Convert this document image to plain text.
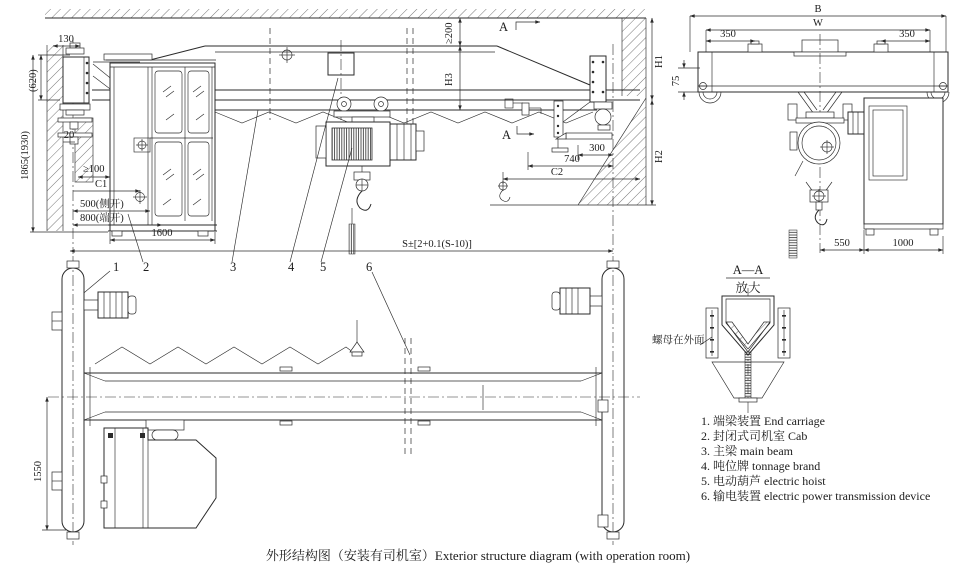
A
A
130
(620)
1865(1930)	20
≥100
C1
500(侧开)
800(端开)
1600
S±[2+0.1(S-10)]
≥200
H3
300
740
C2
H1
H2
1 2	3	4 5	6
1550
B
W
350	350
75
550	1000
A—A
放大
螺母在外面
1. 端梁装置 End carriage
2. 封闭式司机室 Cab
3. 主梁 main beam
4. 吨位牌 tonnage brand
5. 电动葫芦 electric hoist
6. 输电装置 electric power transmission device
外形结构图（安装有司机室）Exterior structure diagram (with operation room)
